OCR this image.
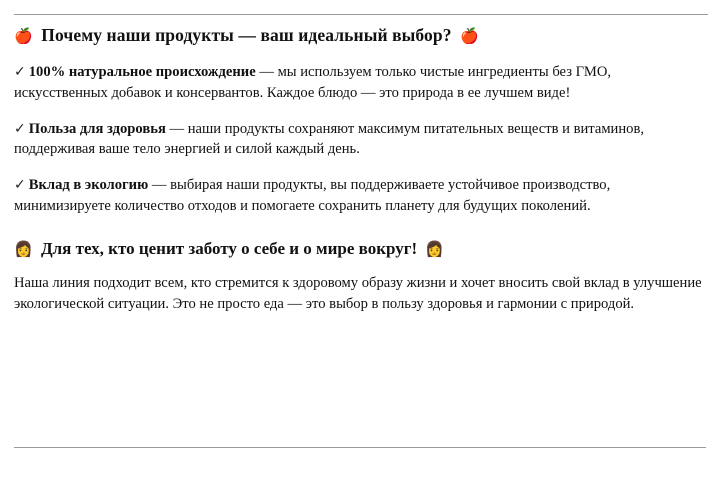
🍎 Почему наши продукты — ваш идеальный выбор? 🍎

✓ 100% натуральное происхождение — мы используем только чистые ингредиенты без ГМО, искусственных добавок и консервантов. Каждое блюдо — это природа в ее лучшем виде!

✓ Польза для здоровья — наши продукты сохраняют максимум питательных веществ и витаминов, поддерживая ваше тело энергией и силой каждый день.

✓ Вклад в экологию — выбирая наши продукты, вы поддерживаете устойчивое производство, минимизируете количество отходов и помогаете сохранить планету для будущих поколений.

👩 Для тех, кто ценит заботу о себе и о мире вокруг! 👩

Наша линия подходит всем, кто стремится к здоровому образу жизни и хочет вносить свой вклад в улучшение экологической ситуации. Это не просто еда — это выбор в пользу здоровья и гармонии с природой.
